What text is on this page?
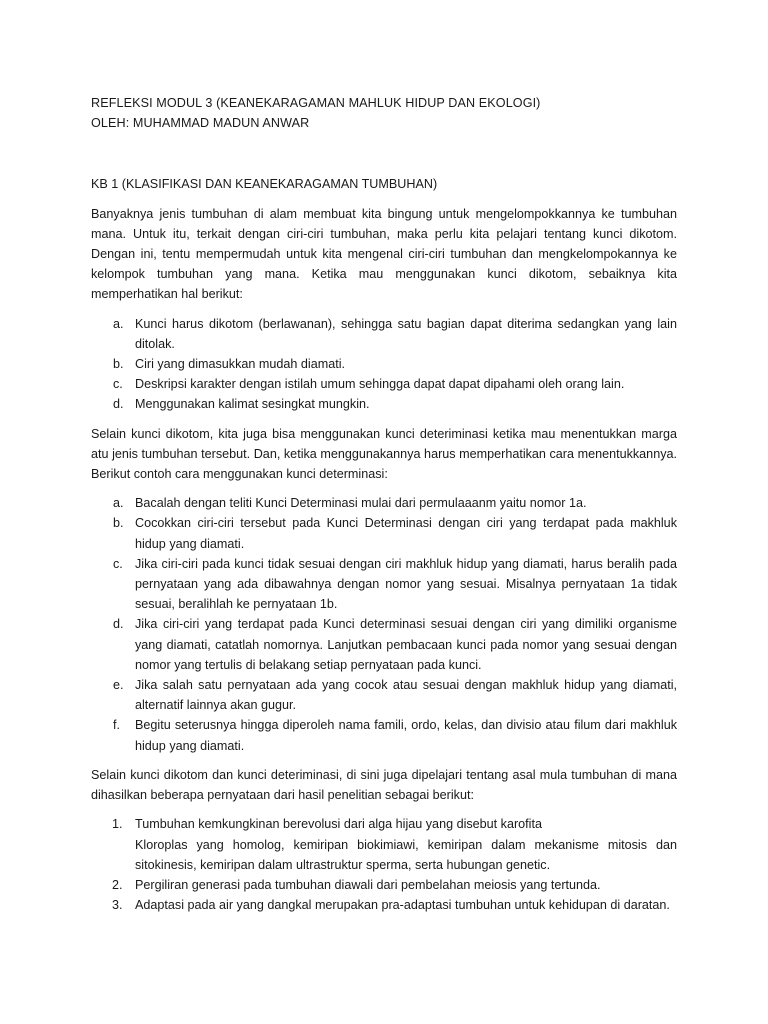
REFLEKSI MODUL 3 (KEANEKARAGAMAN MAHLUK HIDUP DAN EKOLOGI)

OLEH: MUHAMMAD MADUN ANWAR

KB 1 (KLASIFIKASI DAN KEANEKARAGAMAN TUMBUHAN)

Banyaknya jenis tumbuhan di alam membuat kita bingung untuk mengelompokkannya ke tumbuhan mana. Untuk itu, terkait dengan ciri-ciri tumbuhan, maka perlu kita pelajari tentang kunci dikotom. Dengan ini, tentu mempermudah untuk kita mengenal ciri-ciri tumbuhan dan mengkelompokannya ke kelompok tumbuhan yang mana. Ketika mau menggunakan kunci dikotom, sebaiknya kita memperhatikan hal berikut:

a. Kunci harus dikotom (berlawanan), sehingga satu bagian dapat diterima sedangkan yang lain ditolak.
b. Ciri yang dimasukkan mudah diamati.
c. Deskripsi karakter dengan istilah umum sehingga dapat dapat dipahami oleh orang lain.
d. Menggunakan kalimat sesingkat mungkin.

Selain kunci dikotom, kita juga bisa menggunakan kunci deteriminasi ketika mau menentukkan marga atu jenis tumbuhan tersebut. Dan, ketika menggunakannya harus memperhatikan cara menentukkannya. Berikut contoh cara menggunakan kunci determinasi:

a. Bacalah dengan teliti Kunci Determinasi mulai dari permulaaanm yaitu nomor 1a.
b. Cocokkan ciri-ciri tersebut pada Kunci Determinasi dengan ciri yang terdapat pada makhluk hidup yang diamati.
c. Jika ciri-ciri pada kunci tidak sesuai dengan ciri makhluk hidup yang diamati, harus beralih pada pernyataan yang ada dibawahnya dengan nomor yang sesuai. Misalnya pernyataan 1a tidak sesuai, beralihlah ke pernyataan 1b.
d. Jika ciri-ciri yang terdapat pada Kunci determinasi sesuai dengan ciri yang dimiliki organisme yang diamati, catatlah nomornya. Lanjutkan pembacaan kunci pada nomor yang sesuai dengan nomor yang tertulis di belakang setiap pernyataan pada kunci.
e. Jika salah satu pernyataan ada yang cocok atau sesuai dengan makhluk hidup yang diamati, alternatif lainnya akan gugur.
f. Begitu seterusnya hingga diperoleh nama famili, ordo, kelas, dan divisio atau filum dari makhluk hidup yang diamati.

Selain kunci dikotom dan kunci deteriminasi, di sini juga dipelajari tentang asal mula tumbuhan di mana dihasilkan beberapa pernyataan dari hasil penelitian sebagai berikut:

1. Tumbuhan kemkungkinan berevolusi dari alga hijau yang disebut karofita
Kloroplas yang homolog, kemiripan biokimiawi, kemiripan dalam mekanisme mitosis dan sitokinesis, kemiripan dalam ultrastruktur sperma, serta hubungan genetic.
2. Pergiliran generasi pada tumbuhan diawali dari pembelahan meiosis yang tertunda.
3. Adaptasi pada air yang dangkal merupakan pra-adaptasi tumbuhan untuk kehidupan di daratan.
